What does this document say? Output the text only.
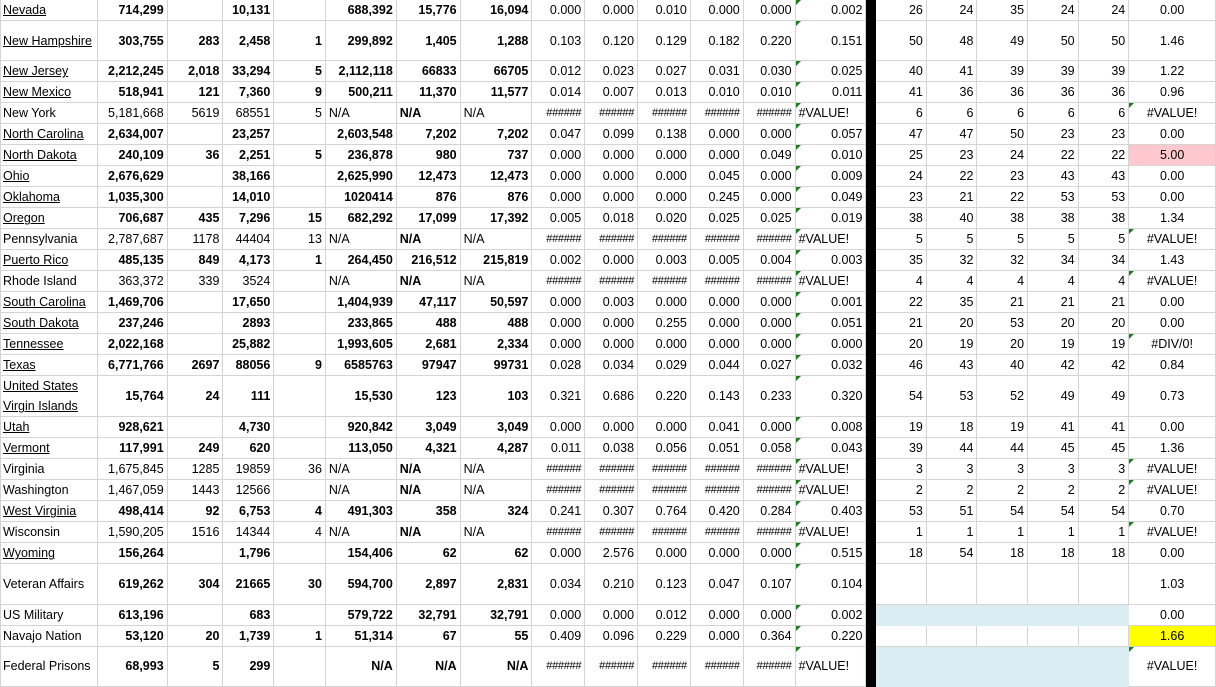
Nevada	714,299		10,131		688,392	15,776	16,094	0.000	0.000	0.010	0.000	0.000	0.002		26	24	35	24	24	0.00
New Hampshire	303,755	283	2,458	1	299,892	1,405	1,288	0.103	0.120	0.129	0.182	0.220	0.151		50	48	49	50	50	1.46
New Jersey	2,212,245	2,018	33,294	5	2,112,118	66833	66705	0.012	0.023	0.027	0.031	0.030	0.025		40	41	39	39	39	1.22
New Mexico	518,941	121	7,360	9	500,211	11,370	11,577	0.014	0.007	0.013	0.010	0.010	0.011		41	36	36	36	36	0.96
New York	5,181,668	5619	68551	5	N/A	N/A	N/A	######	######	######	######	######	#VALUE!		6	6	6	6	6	#VALUE!
North Carolina	2,634,007		23,257		2,603,548	7,202	7,202	0.047	0.099	0.138	0.000	0.000	0.057		47	47	50	23	23	0.00
North Dakota	240,109	36	2,251	5	236,878	980	737	0.000	0.000	0.000	0.000	0.049	0.010		25	23	24	22	22	5.00
Ohio	2,676,629		38,166		2,625,990	12,473	12,473	0.000	0.000	0.000	0.045	0.000	0.009		24	22	23	43	43	0.00
Oklahoma	1,035,300		14,010		1020414	876	876	0.000	0.000	0.000	0.245	0.000	0.049		23	21	22	53	53	0.00
Oregon	706,687	435	7,296	15	682,292	17,099	17,392	0.005	0.018	0.020	0.025	0.025	0.019		38	40	38	38	38	1.34
Pennsylvania	2,787,687	1178	44404	13	N/A	N/A	N/A	######	######	######	######	######	#VALUE!		5	5	5	5	5	#VALUE!
Puerto Rico	485,135	849	4,173	1	264,450	216,512	215,819	0.002	0.000	0.003	0.005	0.004	0.003		35	32	32	34	34	1.43
Rhode Island	363,372	339	3524		N/A	N/A	N/A	######	######	######	######	######	#VALUE!		4	4	4	4	4	#VALUE!
South Carolina	1,469,706		17,650		1,404,939	47,117	50,597	0.000	0.003	0.000	0.000	0.000	0.001		22	35	21	21	21	0.00
South Dakota	237,246		2893		233,865	488	488	0.000	0.000	0.255	0.000	0.000	0.051		21	20	53	20	20	0.00
Tennessee	2,022,168		25,882		1,993,605	2,681	2,334	0.000	0.000	0.000	0.000	0.000	0.000		20	19	20	19	19	#DIV/0!
Texas	6,771,766	2697	88056	9	6585763	97947	99731	0.028	0.034	0.029	0.044	0.027	0.032		46	43	40	42	42	0.84
United States Virgin Islands	15,764	24	111		15,530	123	103	0.321	0.686	0.220	0.143	0.233	0.320		54	53	52	49	49	0.73
Utah	928,621		4,730		920,842	3,049	3,049	0.000	0.000	0.000	0.041	0.000	0.008		19	18	19	41	41	0.00
Vermont	117,991	249	620		113,050	4,321	4,287	0.011	0.038	0.056	0.051	0.058	0.043		39	44	44	45	45	1.36
Virginia	1,675,845	1285	19859	36	N/A	N/A	N/A	######	######	######	######	######	#VALUE!		3	3	3	3	3	#VALUE!
Washington	1,467,059	1443	12566		N/A	N/A	N/A	######	######	######	######	######	#VALUE!		2	2	2	2	2	#VALUE!
West Virginia	498,414	92	6,753	4	491,303	358	324	0.241	0.307	0.764	0.420	0.284	0.403		53	51	54	54	54	0.70
Wisconsin	1,590,205	1516	14344	4	N/A	N/A	N/A	######	######	######	######	######	#VALUE!		1	1	1	1	1	#VALUE!
Wyoming	156,264		1,796		154,406	62	62	0.000	2.576	0.000	0.000	0.000	0.515		18	54	18	18	18	0.00
Veteran Affairs	619,262	304	21665	30	594,700	2,897	2,831	0.034	0.210	0.123	0.047	0.107	0.104							1.03
US Military	613,196		683		579,722	32,791	32,791	0.000	0.000	0.012	0.000	0.000	0.002							0.00
Navajo Nation	53,120	20	1,739	1	51,314	67	55	0.409	0.096	0.229	0.000	0.364	0.220							1.66
Federal Prisons	68,993	5	299		N/A	N/A	N/A	######	######	######	######	######	#VALUE!							#VALUE!
